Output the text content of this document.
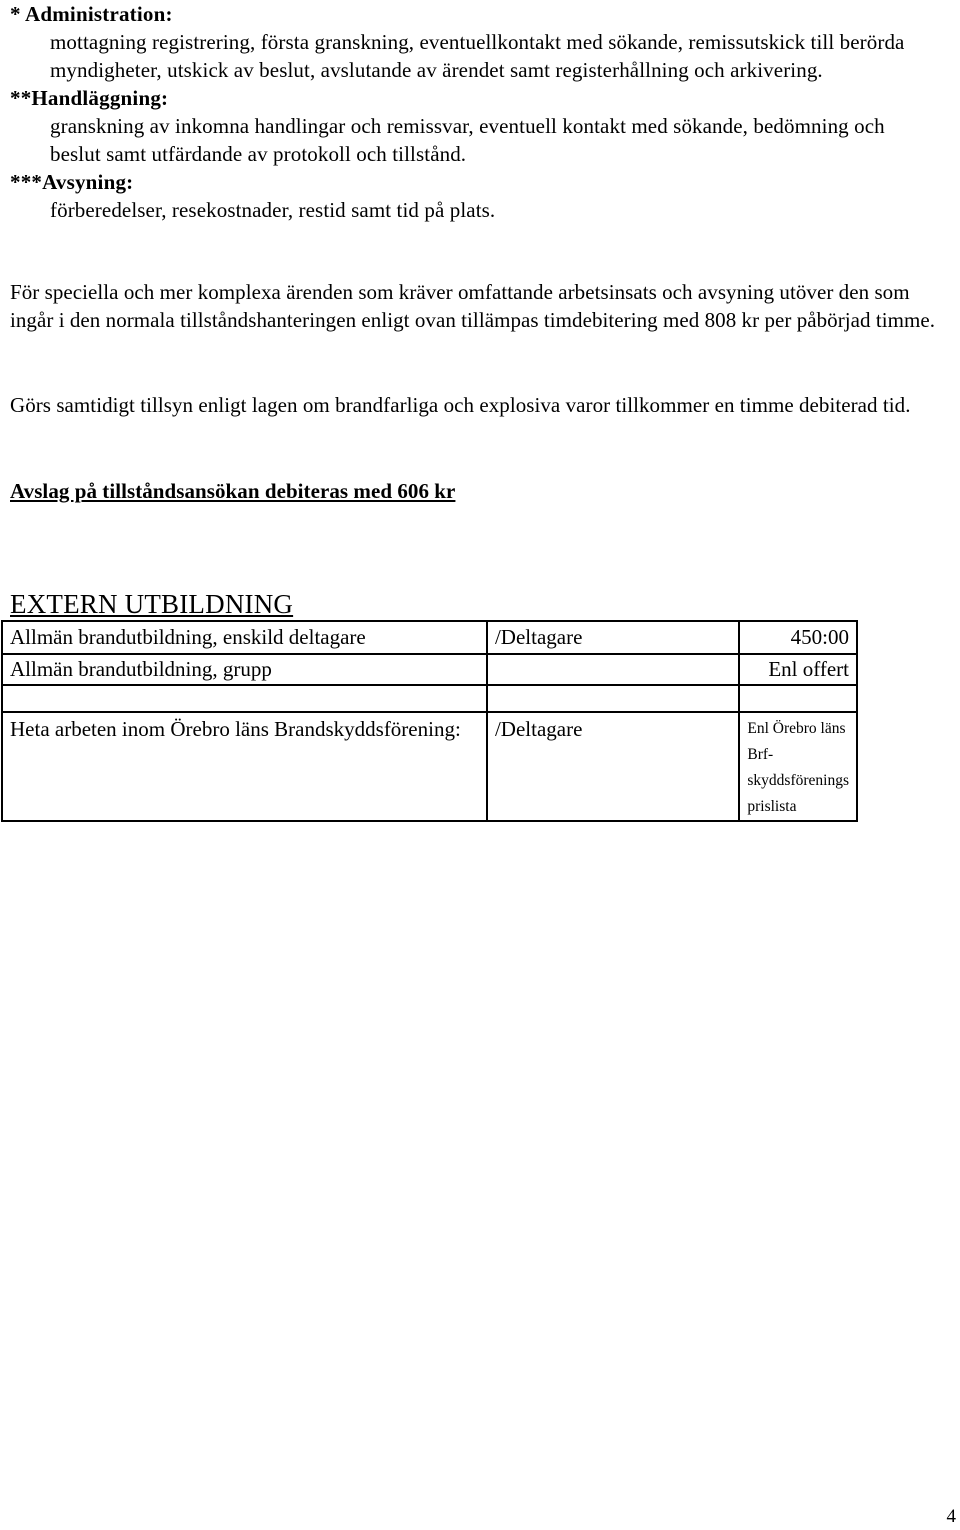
* Administration:
mottagning registrering, första granskning, eventuellkontakt med sökande, remissutskick till berörda myndigheter, utskick av beslut, avslutande av ärendet samt registerhållning och arkivering.
**Handläggning:
granskning av inkomna handlingar och remissvar, eventuell kontakt med sökande, bedömning och beslut samt utfärdande av protokoll och tillstånd.
***Avsyning:
förberedelser, resekostnader, restid samt tid på plats.

För speciella och mer komplexa ärenden som kräver omfattande arbetsinsats och avsyning utöver den som ingår i den normala tillståndshanteringen enligt ovan tillämpas timdebitering med 808 kr per påbörjad timme.

Görs samtidigt tillsyn enligt lagen om brandfarliga och explosiva varor tillkommer en timme debiterad tid.

Avslag på tillståndsansökan debiteras med 606 kr

EXTERN UTBILDNING
Allmän brandutbildning, enskild deltagare	/Deltagare	450:00
Allmän brandutbildning, grupp		Enl offert

Heta arbeten inom Örebro läns Brandskyddsförening:	/Deltagare	Enl Örebro läns Brf-skyddsförenings prislista
4
